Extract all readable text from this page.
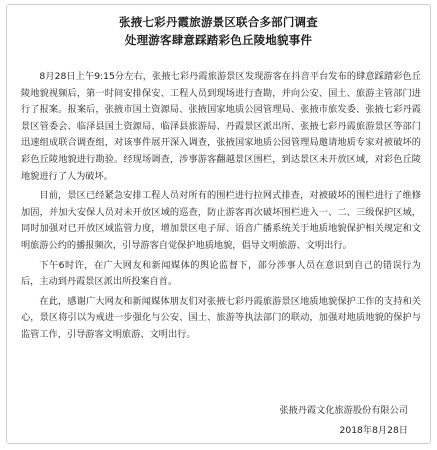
张掖七彩丹霞旅游景区联合多部门调查
处理游客肆意踩踏彩色丘陵地貌事件

8月28日上午9:15分左右，张掖七彩丹霞旅游景区发现游客在抖音平台发布的肆意踩踏彩色丘陵地貌视频后，第一时间安排保安、工程人员到现场进行查勘，并向公安、国土、旅游主管部门进行了报案。报案后，张掖市国土资源局、张掖国家地质公园管理局、张掖市旅发委、张掖七彩丹霞景区管委会、临泽县国土资源局、临泽县旅游局、丹霞景区派出所、张掖七彩丹霞旅游景区等部门迅速组成联合调查组，对该事件展开深入调查，张掖国家地质公园管理局邀请地质专家对被破坏的彩色丘陵地貌进行勘验。经现场调查，涉事游客翻越景区围栏，到达景区未开放区域，对彩色丘陵地貌进行了人为破坏。

目前，景区已经紧急安排工程人员对所有的围栏进行拉网式排查，对被破坏的围栏进行了维修加固，并加大安保人员对未开放区域的巡查，防止游客再次破坏围栏进入一、二、三级保护区域，同时加强对已开放区域监管力度，增加景区电子屏、语音广播系统关于地质地貌保护相关规定和文明旅游公约的播报频次，引导游客自觉保护地质地貌，倡导文明旅游、文明出行。

下午6时许，在广大网友和新闻媒体的舆论监督下，部分涉事人员在意识到自己的错误行为后，主动到丹霞景区派出所投案自首。

在此，感谢广大网友和新闻媒体朋友们对张掖七彩丹霞旅游景区地质地貌保护工作的支持和关心，景区将引以为戒进一步强化与公安、国土、旅游等执法部门的联动，加强对地质地貌的保护与监管工作，引导游客文明旅游、文明出行。

张掖丹霞文化旅游股份有限公司
2018年8月28日
